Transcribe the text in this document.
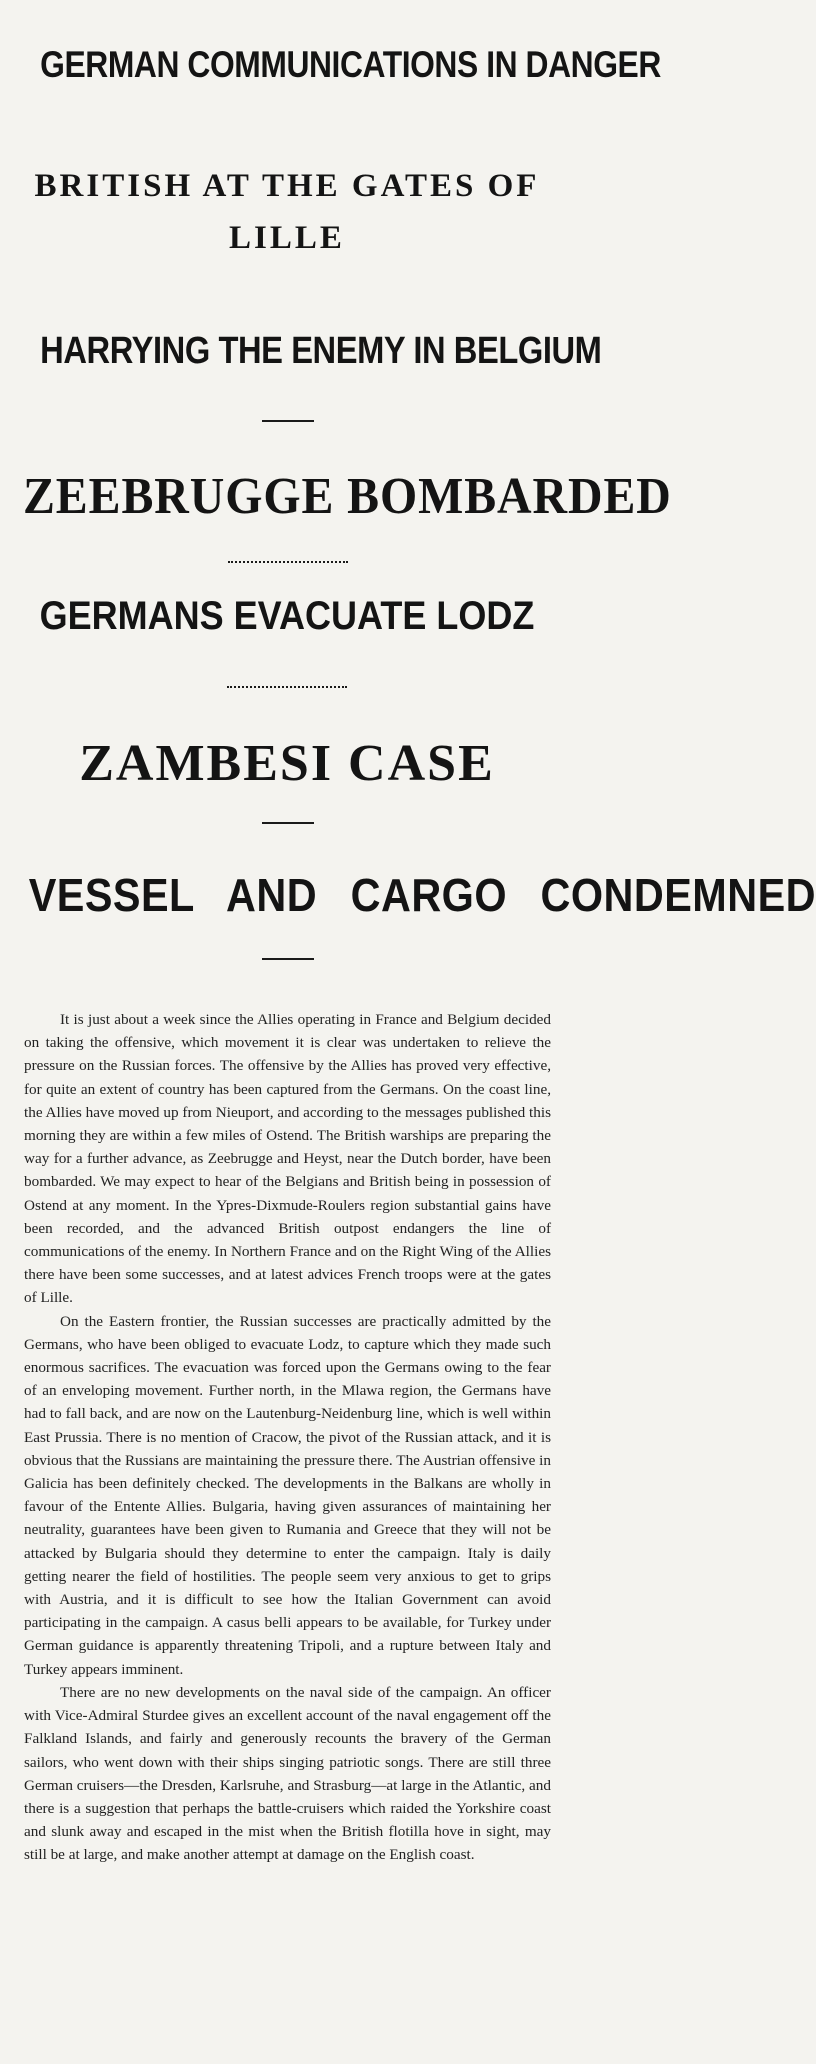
GERMAN COMMUNICATIONS IN DANGER
BRITISH AT THE GATES OF
LILLE
HARRYING THE ENEMY IN BELGIUM
ZEEBRUGGE BOMBARDED
GERMANS EVACUATE LODZ
ZAMBESI CASE
VESSEL AND CARGO CONDEMNED

It is just about a week since the Allies operating in France and Belgium decided on taking the offensive, which movement it is clear was undertaken to relieve the pressure on the Russian forces. The offensive by the Allies has proved very effective, for quite an extent of country has been captured from the Germans. On the coast line, the Allies have moved up from Nieuport, and according to the messages published this morning they are within a few miles of Ostend. The British warships are preparing the way for a further advance, as Zeebrugge and Heyst, near the Dutch border, have been bombarded. We may expect to hear of the Belgians and British being in possession of Ostend at any moment. In the Ypres-Dixmude-Roulers region substantial gains have been recorded, and the advanced British outpost endangers the line of communications of the enemy. In Northern France and on the Right Wing of the Allies there have been some successes, and at latest advices French troops were at the gates of Lille.

On the Eastern frontier, the Russian successes are practically admitted by the Germans, who have been obliged to evacuate Lodz, to capture which they made such enormous sacrifices. The evacuation was forced upon the Germans owing to the fear of an enveloping movement. Further north, in the Mlawa region, the Germans have had to fall back, and are now on the Lautenburg-Neidenburg line, which is well within East Prussia. There is no mention of Cracow, the pivot of the Russian attack, and it is obvious that the Russians are maintaining the pressure there. The Austrian offensive in Galicia has been definitely checked. The developments in the Balkans are wholly in favour of the Entente Allies. Bulgaria, having given assurances of maintaining her neutrality, guarantees have been given to Rumania and Greece that they will not be attacked by Bulgaria should they determine to enter the campaign. Italy is daily getting nearer the field of hostilities. The people seem very anxious to get to grips with Austria, and it is difficult to see how the Italian Government can avoid participating in the campaign. A casus belli appears to be available, for Turkey under German guidance is apparently threatening Tripoli, and a rupture between Italy and Turkey appears imminent.

There are no new developments on the naval side of the campaign. An officer with Vice-Admiral Sturdee gives an excellent account of the naval engagement off the Falkland Islands, and fairly and generously recounts the bravery of the German sailors, who went down with their ships singing patriotic songs. There are still three German cruisers—the Dresden, Karlsruhe, and Strasburg—at large in the Atlantic, and there is a suggestion that perhaps the battle-cruisers which raided the Yorkshire coast and slunk away and escaped in the mist when the British flotilla hove in sight, may still be at large, and make another attempt at damage on the English coast.
